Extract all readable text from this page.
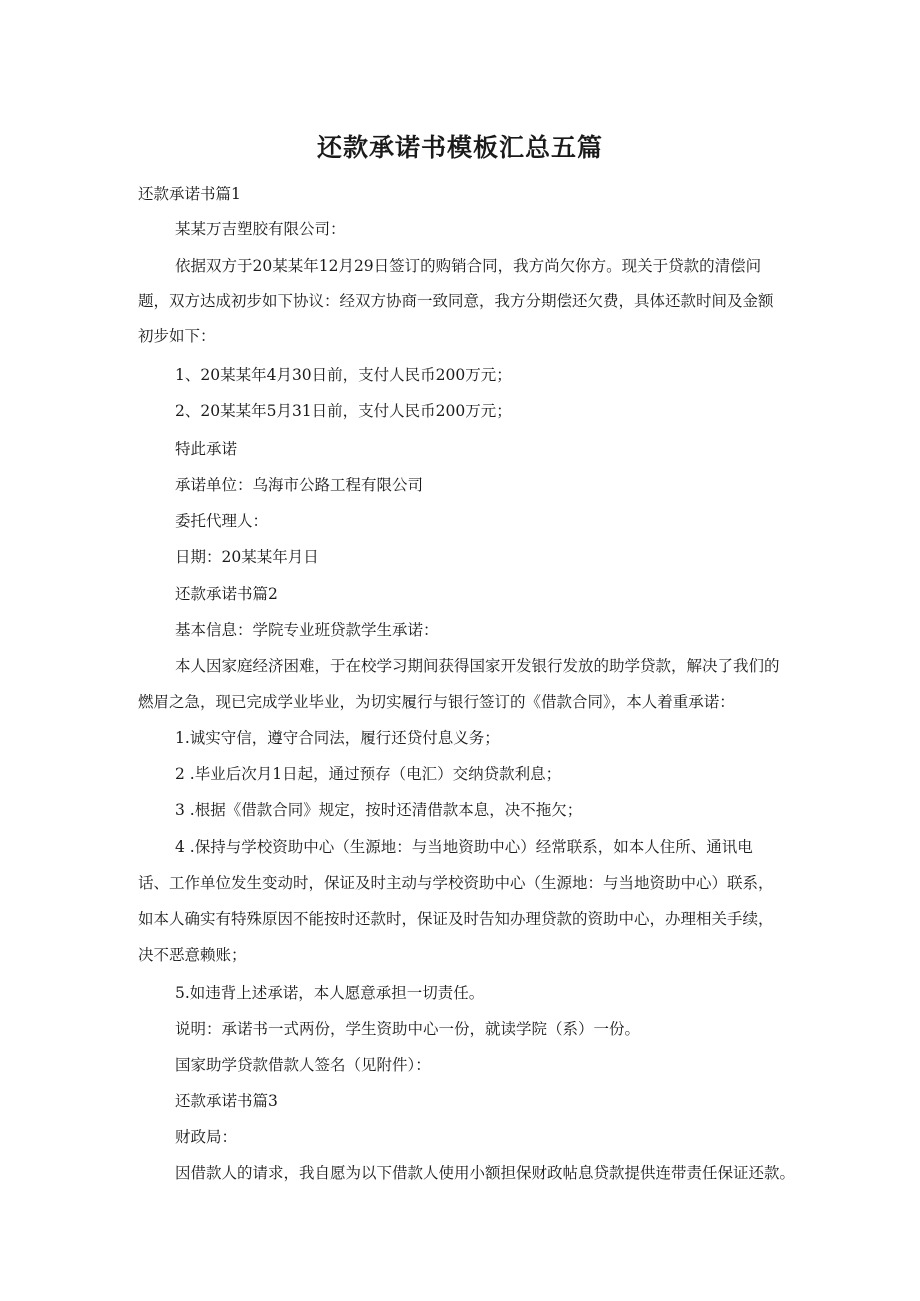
还款承诺书模板汇总五篇
还款承诺书篇1
某某万吉塑胶有限公司：
依据双方于20某某年12月29日签订的购销合同，我方尚欠你方。现关于贷款的清偿问
题，双方达成初步如下协议：经双方协商一致同意，我方分期偿还欠费，具体还款时间及金额
初步如下：
1、20某某年4月30日前，支付人民币200万元；
2、20某某年5月31日前，支付人民币200万元；
特此承诺
承诺单位：乌海市公路工程有限公司
委托代理人：
日期：20某某年月日
还款承诺书篇2
基本信息：学院专业班贷款学生承诺：
本人因家庭经济困难，于在校学习期间获得国家开发银行发放的助学贷款，解决了我们的
燃眉之急，现已完成学业毕业，为切实履行与银行签订的《借款合同》，本人着重承诺：
1.诚实守信，遵守合同法，履行还贷付息义务；
2 .毕业后次月1日起，通过预存（电汇）交纳贷款利息；
3 .根据《借款合同》规定，按时还清借款本息，决不拖欠；
4 .保持与学校资助中心（生源地：与当地资助中心）经常联系，如本人住所、通讯电
话、工作单位发生变动时，保证及时主动与学校资助中心（生源地：与当地资助中心）联系，
如本人确实有特殊原因不能按时还款时，保证及时告知办理贷款的资助中心，办理相关手续，
决不恶意赖账；
5.如违背上述承诺，本人愿意承担一切责任。
说明：承诺书一式两份，学生资助中心一份，就读学院（系）一份。
国家助学贷款借款人签名（见附件）：
还款承诺书篇3
财政局：
因借款人的请求，我自愿为以下借款人使用小额担保财政帖息贷款提供连带责任保证还款。
